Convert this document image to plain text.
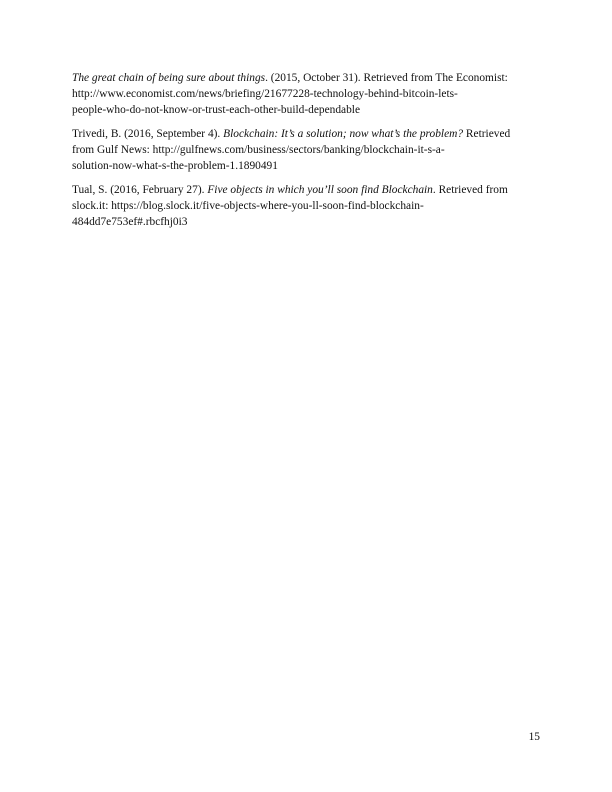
The great chain of being sure about things. (2015, October 31). Retrieved from The Economist:
http://www.economist.com/news/briefing/21677228-technology-behind-bitcoin-lets-
people-who-do-not-know-or-trust-each-other-build-dependable

Trivedi, B. (2016, September 4). Blockchain: It’s a solution; now what’s the problem? Retrieved
from Gulf News: http://gulfnews.com/business/sectors/banking/blockchain-it-s-a-
solution-now-what-s-the-problem-1.1890491

Tual, S. (2016, February 27). Five objects in which you’ll soon find Blockchain. Retrieved from
slock.it: https://blog.slock.it/five-objects-where-you-ll-soon-find-blockchain-
484dd7e753ef#.rbcfhj0i3

15
